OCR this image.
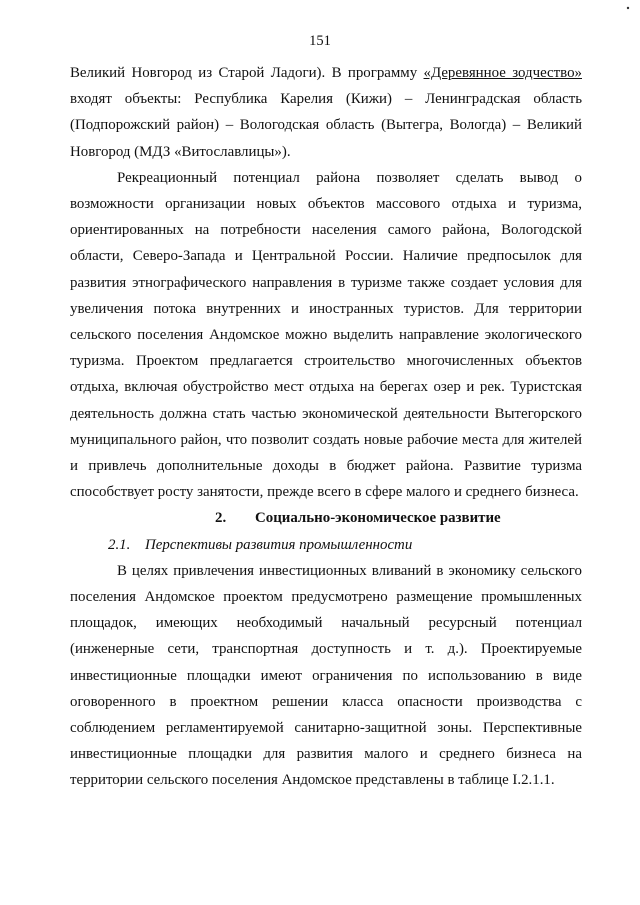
151

Великий Новгород из Старой Ладоги). В программу «Деревянное зодчество» входят объекты: Республика Карелия (Кижи) – Ленинградская область (Подпорожский район) – Вологодская область (Вытегра, Вологда) – Великий Новгород (МДЗ «Витославлицы»).

Рекреационный потенциал района позволяет сделать вывод о возможности организации новых объектов массового отдыха и туризма, ориентированных на потребности населения самого района, Вологодской области, Северо-Запада и Центральной России. Наличие предпосылок для развития этнографического направления в туризме также создает условия для увеличения потока внутренних и иностранных туристов. Для территории сельского поселения Андомское можно выделить направление экологического туризма. Проектом предлагается строительство многочисленных объектов отдыха, включая обустройство мест отдыха на берегах озер и рек. Туристская деятельность должна стать частью экономической деятельности Вытегорского муниципального район, что позволит создать новые рабочие места для жителей и привлечь дополнительные доходы в бюджет района. Развитие туризма способствует росту занятости, прежде всего в сфере малого и среднего бизнеса.

2. Социально-экономическое развитие

2.1. Перспективы развития промышленности

В целях привлечения инвестиционных вливаний в экономику сельского поселения Андомское проектом предусмотрено размещение промышленных площадок, имеющих необходимый начальный ресурсный потенциал (инженерные сети, транспортная доступность и т. д.). Проектируемые инвестиционные площадки имеют ограничения по использованию в виде оговоренного в проектном решении класса опасности производства с соблюдением регламентируемой санитарно-защитной зоны. Перспективные инвестиционные площадки для развития малого и среднего бизнеса на территории сельского поселения Андомское представлены в таблице I.2.1.1.
